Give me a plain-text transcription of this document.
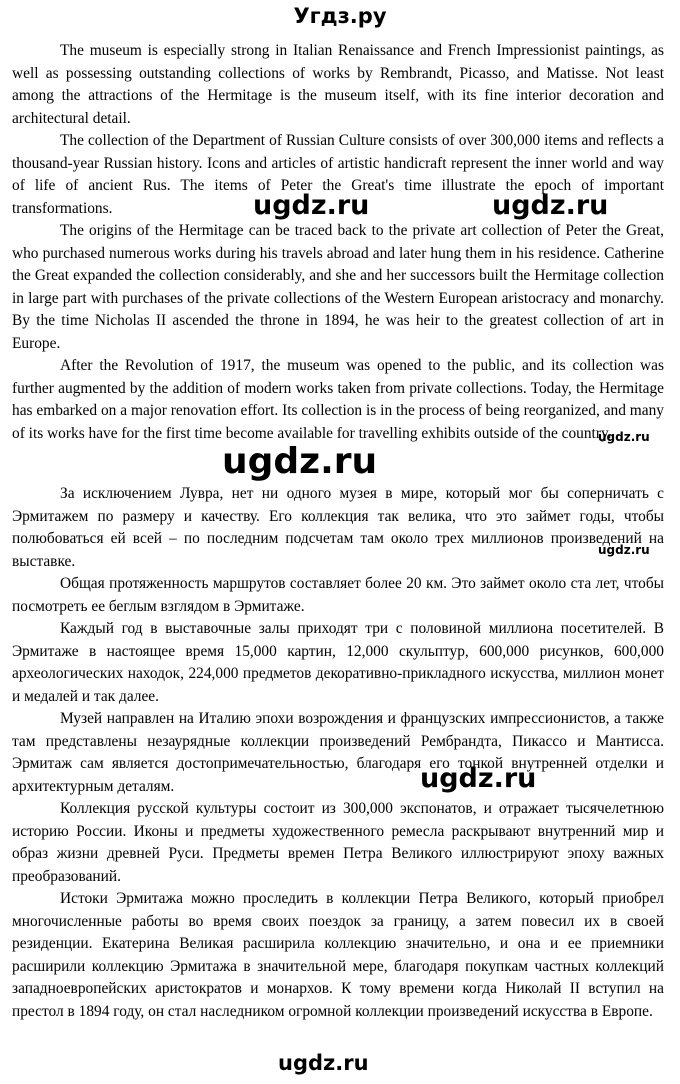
Угдз.ру

The museum is especially strong in Italian Renaissance and French Impressionist paintings, as well as possessing outstanding collections of works by Rembrandt, Picasso, and Matisse. Not least among the attractions of the Hermitage is the museum itself, with its fine interior decoration and architectural detail.

The collection of the Department of Russian Culture consists of over 300,000 items and reflects a thousand-year Russian history. Icons and articles of artistic handicraft represent the inner world and way of life of ancient Rus. The items of Peter the Great's time illustrate the epoch of important transformations.

The origins of the Hermitage can be traced back to the private art collection of Peter the Great, who purchased numerous works during his travels abroad and later hung them in his residence. Catherine the Great expanded the collection considerably, and she and her successors built the Hermitage collection in large part with purchases of the private collections of the Western European aristocracy and monarchy. By the time Nicholas II ascended the throne in 1894, he was heir to the greatest collection of art in Europe.

After the Revolution of 1917, the museum was opened to the public, and its collection was further augmented by the addition of modern works taken from private collections. Today, the Hermitage has embarked on a major renovation effort. Its collection is in the process of being reorganized, and many of its works have for the first time become available for travelling exhibits outside of the country.

За исключением Лувра, нет ни одного музея в мире, который мог бы соперничать с Эрмитажем по размеру и качеству. Его коллекция так велика, что это займет годы, чтобы полюбоваться ей всей – по последним подсчетам там около трех миллионов произведений на выставке.

Общая протяженность маршрутов составляет более 20 км. Это займет около ста лет, чтобы посмотреть ее беглым взглядом в Эрмитаже.

Каждый год в выставочные залы приходят три с половиной миллиона посетителей. В Эрмитаже в настоящее время 15,000 картин, 12,000 скульптур, 600,000 рисунков, 600,000 археологических находок, 224,000 предметов декоративно-прикладного искусства, миллион монет и медалей и так далее.

Музей направлен на Италию эпохи возрождения и французских импрессионистов, а также там представлены незаурядные коллекции произведений Рембрандта, Пикассо и Мантисса. Эрмитаж сам является достопримечательностью, благодаря его тонкой внутренней отделки и архитектурным деталям.

Коллекция русской культуры состоит из 300,000 экспонатов, и отражает тысячелетнюю историю России. Иконы и предметы художественного ремесла раскрывают внутренний мир и образ жизни древней Руси. Предметы времен Петра Великого иллюстрируют эпоху важных преобразований.

Истоки Эрмитажа можно проследить в коллекции Петра Великого, который приобрел многочисленные работы во время своих поездок за границу, а затем повесил их в своей резиденции. Екатерина Великая расширила коллекцию значительно, и она и ее приемники расширили коллекцию Эрмитажа в значительной мере, благодаря покупкам частных коллекций западноевропейских аристократов и монархов. К тому времени когда Николай II вступил на престол в 1894 году, он стал наследником огромной коллекции произведений искусства в Европе.

ugdz.ru	ugdz.ru
ugdz.ru
ugdz.ru
ugdz.ru
ugdz.ru
ugdz.ru
